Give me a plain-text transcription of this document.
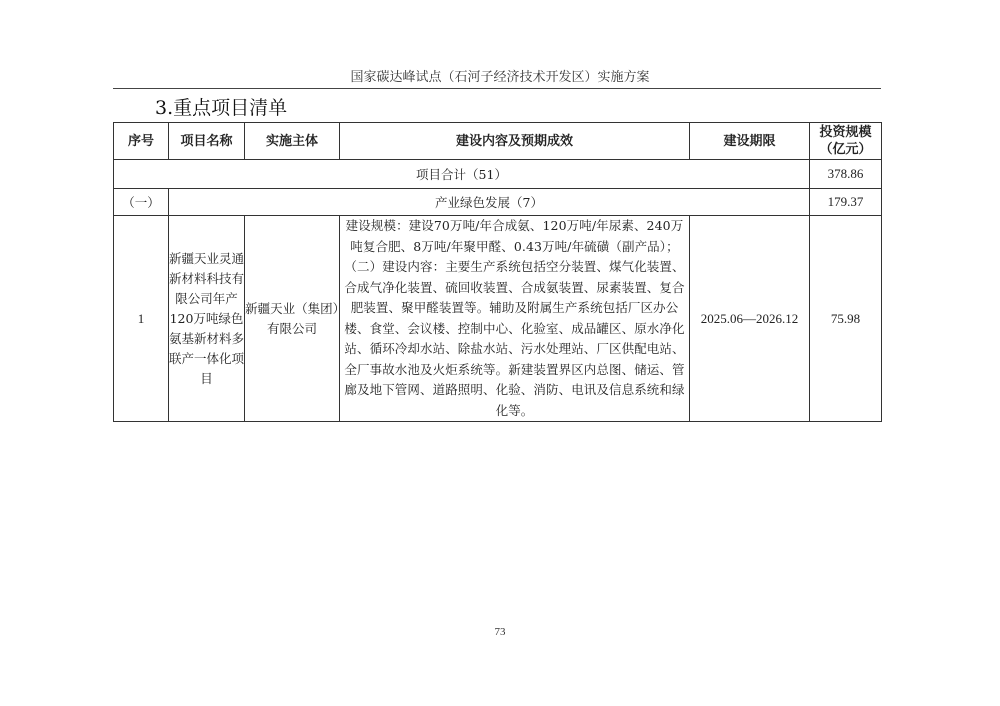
国家碳达峰试点（石河子经济技术开发区）实施方案
3.重点项目清单
序号	项目名称	实施主体	建设内容及预期成效	建设期限	投资规模（亿元）
项目合计（51）					378.86
（一）	产业绿色发展（7）				179.37
1	新疆天业灵通新材料科技有限公司年产120万吨绿色氨基新材料多联产一体化项目	新疆天业（集团）有限公司	建设规模：建设70万吨/年合成氨、120万吨/年尿素、240万吨复合肥、8万吨/年聚甲醛、0.43万吨/年硫磺（副产品）；（二）建设内容：主要生产系统包括空分装置、煤气化装置、合成气净化装置、硫回收装置、合成氨装置、尿素装置、复合肥装置、聚甲醛装置等。辅助及附属生产系统包括厂区办公楼、食堂、会议楼、控制中心、化验室、成品罐区、原水净化站、循环冷却水站、除盐水站、污水处理站、厂区供配电站、全厂事故水池及火炬系统等。新建装置界区内总图、储运、管廊及地下管网、道路照明、化验、消防、电讯及信息系统和绿化等。	2025.06—2026.12	75.98
73
